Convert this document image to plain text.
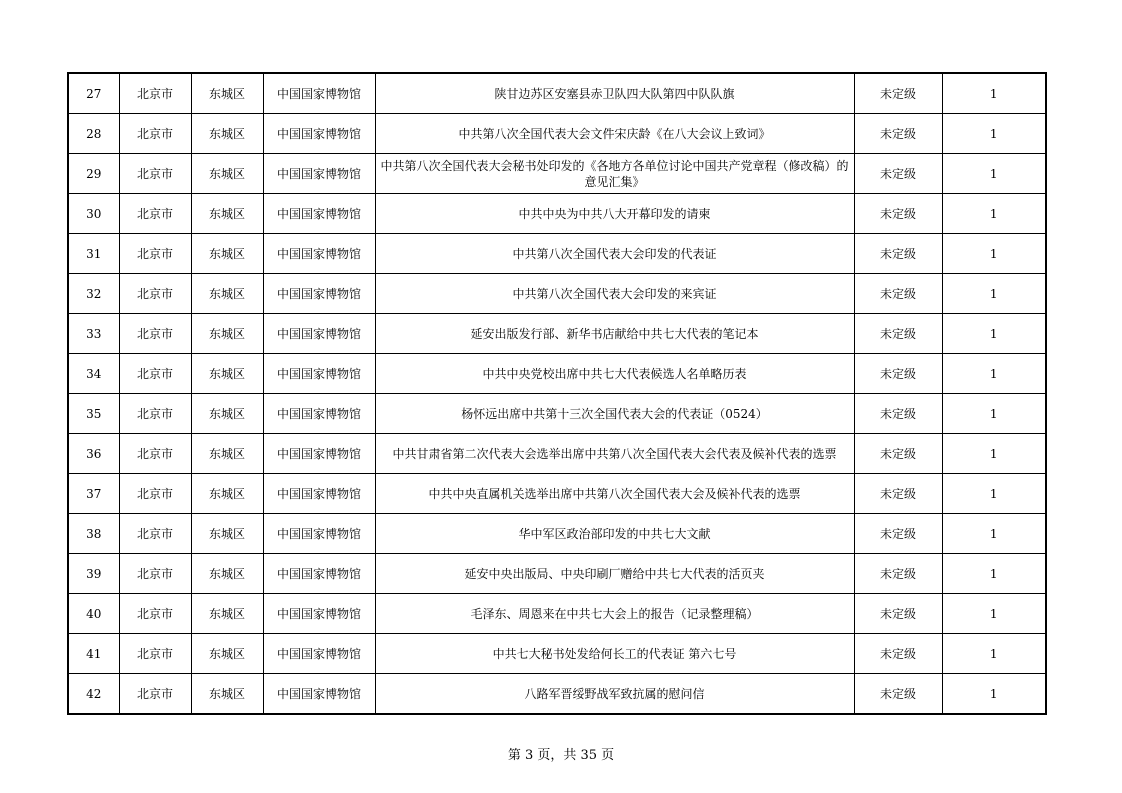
27	北京市	东城区	中国国家博物馆	陕甘边苏区安塞县赤卫队四大队第四中队队旗	未定级	1
28	北京市	东城区	中国国家博物馆	中共第八次全国代表大会文件宋庆龄《在八大会议上致词》	未定级	1
29	北京市	东城区	中国国家博物馆	中共第八次全国代表大会秘书处印发的《各地方各单位讨论中国共产党章程（修改稿）的意见汇集》	未定级	1
30	北京市	东城区	中国国家博物馆	中共中央为中共八大开幕印发的请柬	未定级	1
31	北京市	东城区	中国国家博物馆	中共第八次全国代表大会印发的代表证	未定级	1
32	北京市	东城区	中国国家博物馆	中共第八次全国代表大会印发的来宾证	未定级	1
33	北京市	东城区	中国国家博物馆	延安出版发行部、新华书店献给中共七大代表的笔记本	未定级	1
34	北京市	东城区	中国国家博物馆	中共中央党校出席中共七大代表候选人名单略历表	未定级	1
35	北京市	东城区	中国国家博物馆	杨怀远出席中共第十三次全国代表大会的代表证（0524）	未定级	1
36	北京市	东城区	中国国家博物馆	中共甘肃省第二次代表大会选举出席中共第八次全国代表大会代表及候补代表的选票	未定级	1
37	北京市	东城区	中国国家博物馆	中共中央直属机关选举出席中共第八次全国代表大会及候补代表的选票	未定级	1
38	北京市	东城区	中国国家博物馆	华中军区政治部印发的中共七大文献	未定级	1
39	北京市	东城区	中国国家博物馆	延安中央出版局、中央印刷厂赠给中共七大代表的活页夹	未定级	1
40	北京市	东城区	中国国家博物馆	毛泽东、周恩来在中共七大会上的报告（记录整理稿）	未定级	1
41	北京市	东城区	中国国家博物馆	中共七大秘书处发给何长工的代表证 第六七号	未定级	1
42	北京市	东城区	中国国家博物馆	八路军晋绥野战军致抗属的慰问信	未定级	1
第 3 页，共 35 页
